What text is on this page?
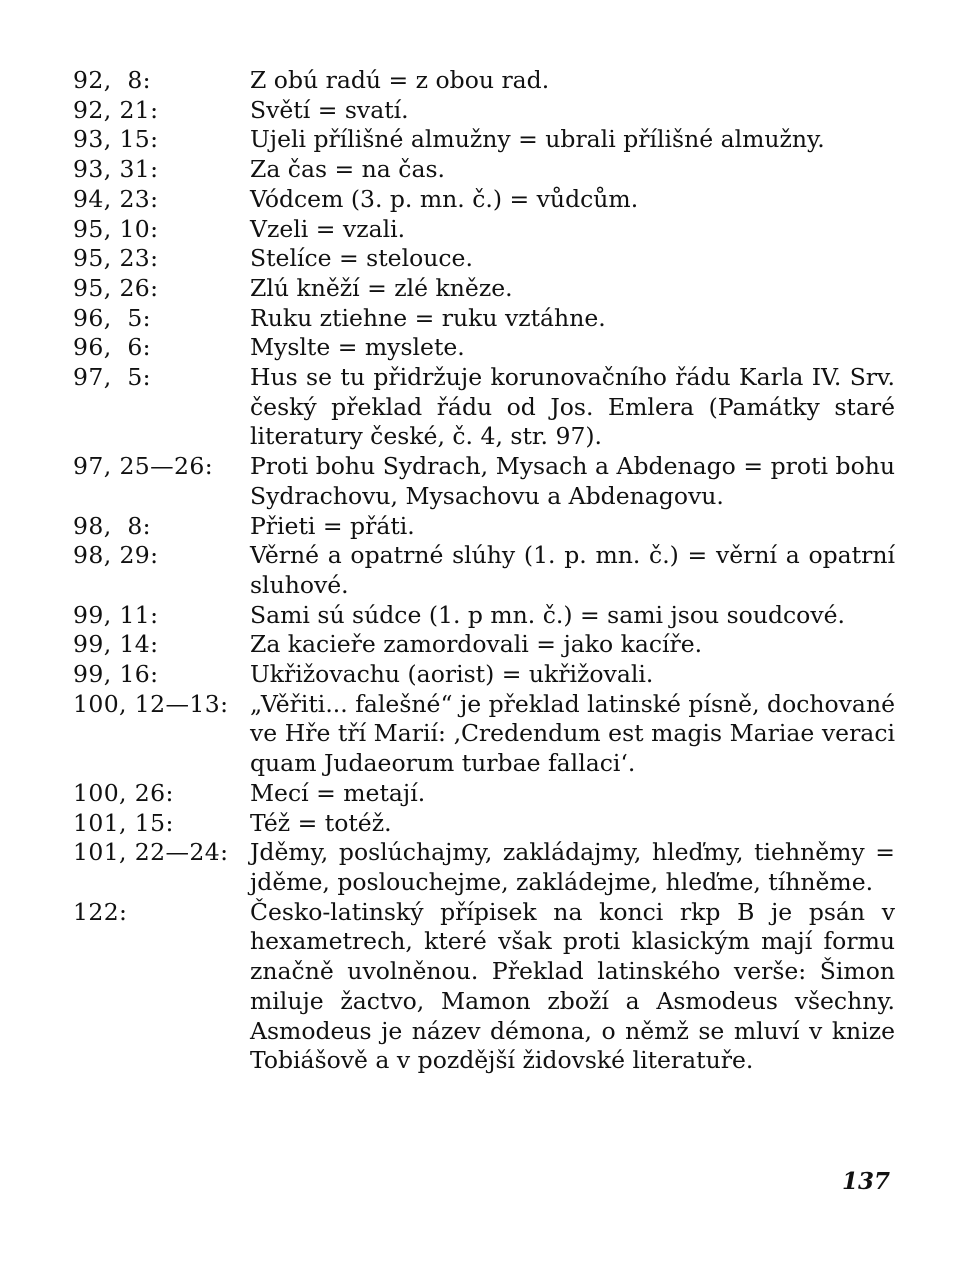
92,  8:	Z obú radú = z obou rad.
92, 21:	Světí = svatí.
93, 15:	Ujeli přílišné almužny = ubrali přílišné almužny.
93, 31:	Za čas = na čas.
94, 23:	Vódcem (3. p. mn. č.) = vůdcům.
95, 10:	Vzeli = vzali.
95, 23:	Stelíce = stelouce.
95, 26:	Zlú kněží = zlé kněze.
96,  5:	Ruku ztiehne = ruku vztáhne.
96,  6:	Myslte = myslete.
97,  5:	Hus se tu přidržuje korunovačního řádu Karla IV. Srv. český překlad řádu od Jos. Emlera (Památky staré literatury české, č. 4, str. 97).
97, 25—26:	Proti bohu Sydrach, Mysach a Abdenago = proti bohu Sydrachovu, Mysachovu a Abdenagovu.
98,  8:	Přieti = přáti.
98, 29:	Věrné a opatrné slúhy (1. p. mn. č.) = věrní a opatrní sluhové.
99, 11:	Sami sú súdce (1. p mn. č.) = sami jsou soudcové.
99, 14:	Za kacieře zamordovali = jako kacíře.
99, 16:	Ukřižovachu (aorist) = ukřižovali.
100, 12—13: „Věřiti... falešné“ je překlad latinské písně, dochované ve Hře tří Marií: ‚Credendum est magis Mariae veraci quam Judaeorum turbae fallaci‘.
100, 26:	Mecí = metají.
101, 15:	Též = totéž.
101, 22—24: Jděmy, poslúchajmy, zakládajmy, hleďmy, tiehněmy = jděme, poslouchejme, zakládejme, hleďme, tíhněme.
122:	Česko-latinský přípisek na konci rkp B je psán v hexametrech, které však proti klasickým mají formu značně uvolněnou. Překlad latinského verše: Šimon miluje žactvo, Mamon zboží a Asmodeus všechny. Asmodeus je název démona, o němž se mluví v knize Tobiášově a v pozdější židovské literatuře.
137
